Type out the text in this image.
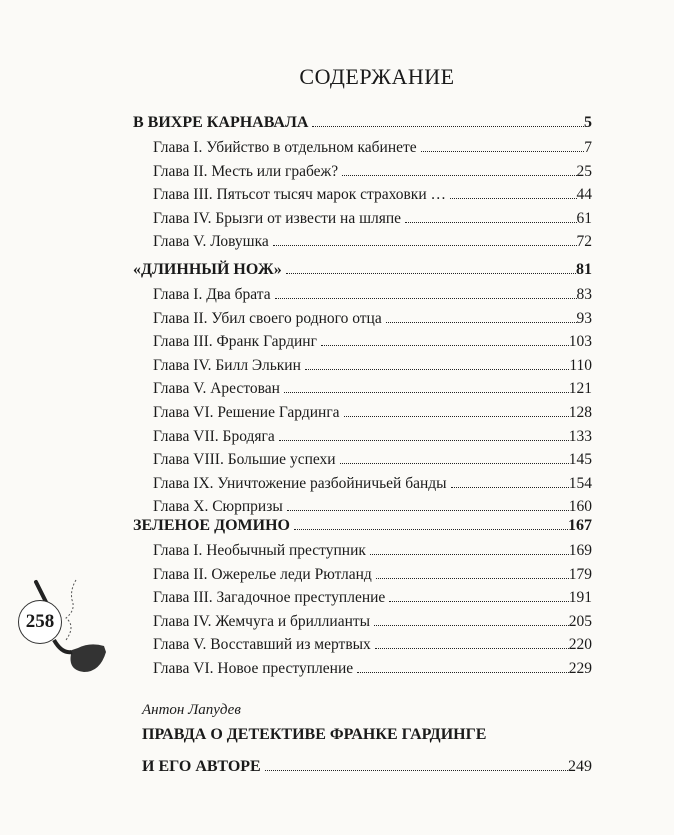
СОДЕРЖАНИЕ
В ВИХРЕ КАРНАВАЛА	5
Глава I. Убийство в отдельном кабинете	7
Глава II. Месть или грабеж?	25
Глава III. Пятьсот тысяч марок страховки …	44
Глава IV. Брызги от извести на шляпе	61
Глава V. Ловушка	72
«ДЛИННЫЙ НОЖ»	81
Глава I. Два брата	83
Глава II. Убил своего родного отца	93
Глава III. Франк Гардинг	103
Глава IV. Билл Элькин	110
Глава V. Арестован	121
Глава VI. Решение Гардинга	128
Глава VII. Бродяга	133
Глава VIII. Большие успехи	145
Глава IX. Уничтожение разбойничьей банды	154
Глава X. Сюрпризы	160
ЗЕЛЕНОЕ ДОМИНО	167
Глава I. Необычный преступник	169
Глава II. Ожерелье леди Рютланд	179
Глава III. Загадочное преступление	191
Глава IV. Жемчуга и бриллианты	205
Глава V. Восставший из мертвых	220
Глава VI. Новое преступление	229
Антон Лапудев
ПРАВДА О ДЕТЕКТИВЕ ФРАНКЕ ГАРДИНГЕ
И ЕГО АВТОРЕ	249
258
